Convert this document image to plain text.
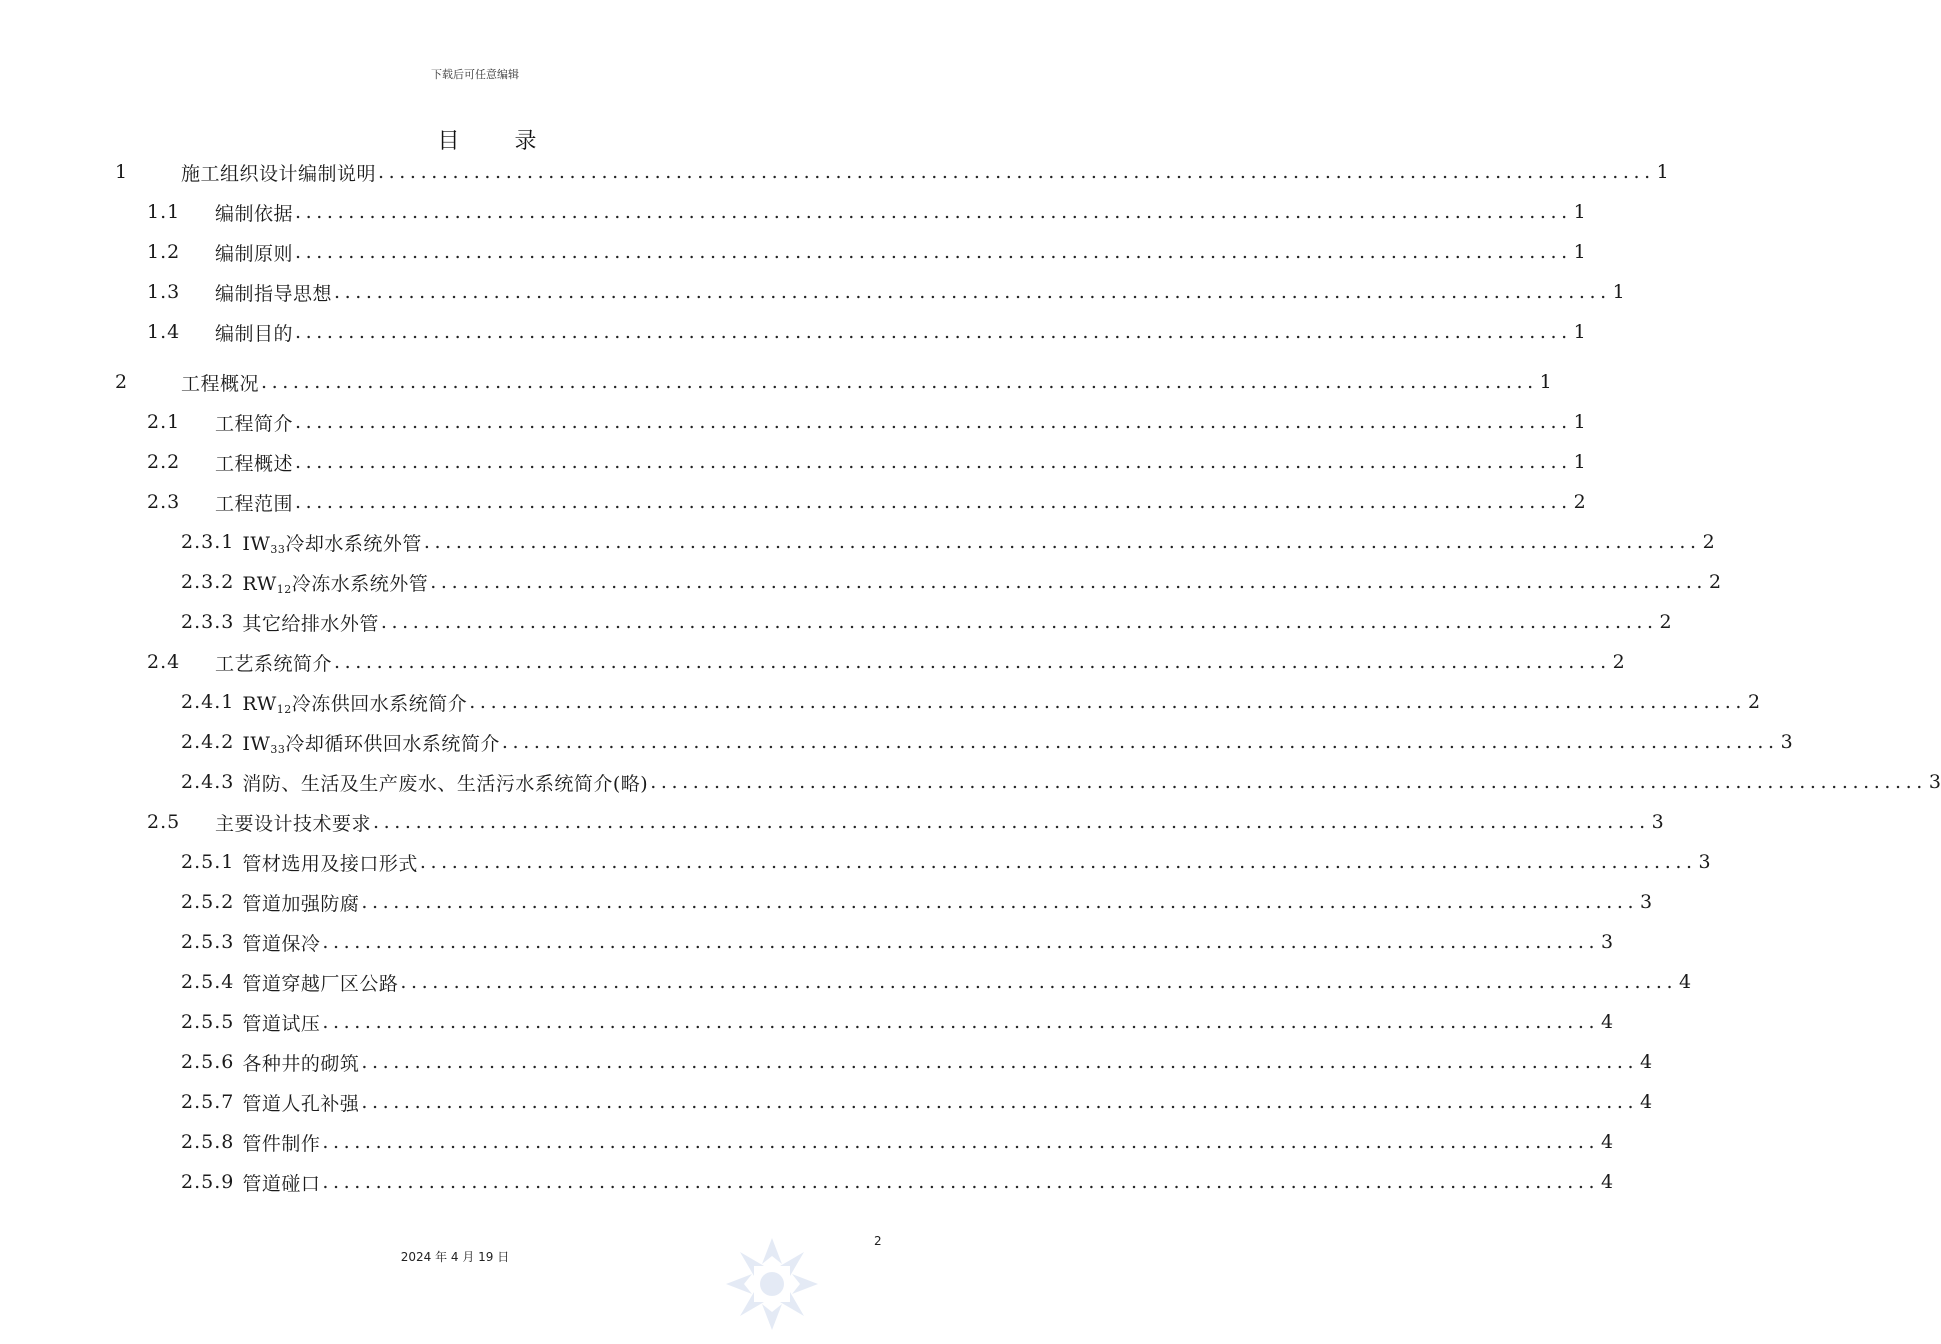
下载后可任意编辑
目 录
1	施工组织设计编制说明 ........................................................................................................................ 1
1.1	编制依据 ........................................................................................................................ 1
1.2	编制原则 ........................................................................................................................ 1
1.3	编制指导思想 ........................................................................................................................ 1
1.4	编制目的 ........................................................................................................................ 1
2	工程概况 ........................................................................................................................ 1
2.1	工程简介 ........................................................................................................................ 1
2.2	工程概述 ........................................................................................................................ 1
2.3	工程范围 ........................................................................................................................ 2
2.3.1 $IW_{33}$冷却水系统外管 ........................................................................................................................ 2
2.3.2 $RW_{12}$冷冻水系统外管 ........................................................................................................................ 2
2.3.3 其它给排水外管 ........................................................................................................................ 2
2.4	工艺系统简介 ........................................................................................................................ 2
2.4.1 $RW_{12}$冷冻供回水系统简介 ........................................................................................................................ 2
2.4.2 $IW_{33}$冷却循环供回水系统简介 ........................................................................................................................ 3
2.4.3 消防、生活及生产废水、生活污水系统简介(略) ........................................................................................................................ 3
2.5	主要设计技术要求 ........................................................................................................................ 3
2.5.1 管材选用及接口形式 ........................................................................................................................ 3
2.5.2 管道加强防腐 ........................................................................................................................ 3
2.5.3 管道保冷 ........................................................................................................................ 3
2.5.4 管道穿越厂区公路 ........................................................................................................................ 4
2.5.5 管道试压 ........................................................................................................................ 4
2.5.6 各种井的砌筑 ........................................................................................................................ 4
2.5.7 管道人孔补强 ........................................................................................................................ 4
2.5.8 管件制作 ........................................................................................................................ 4
2.5.9 管道碰口 ........................................................................................................................ 4
2
2024 年 4 月 19 日
